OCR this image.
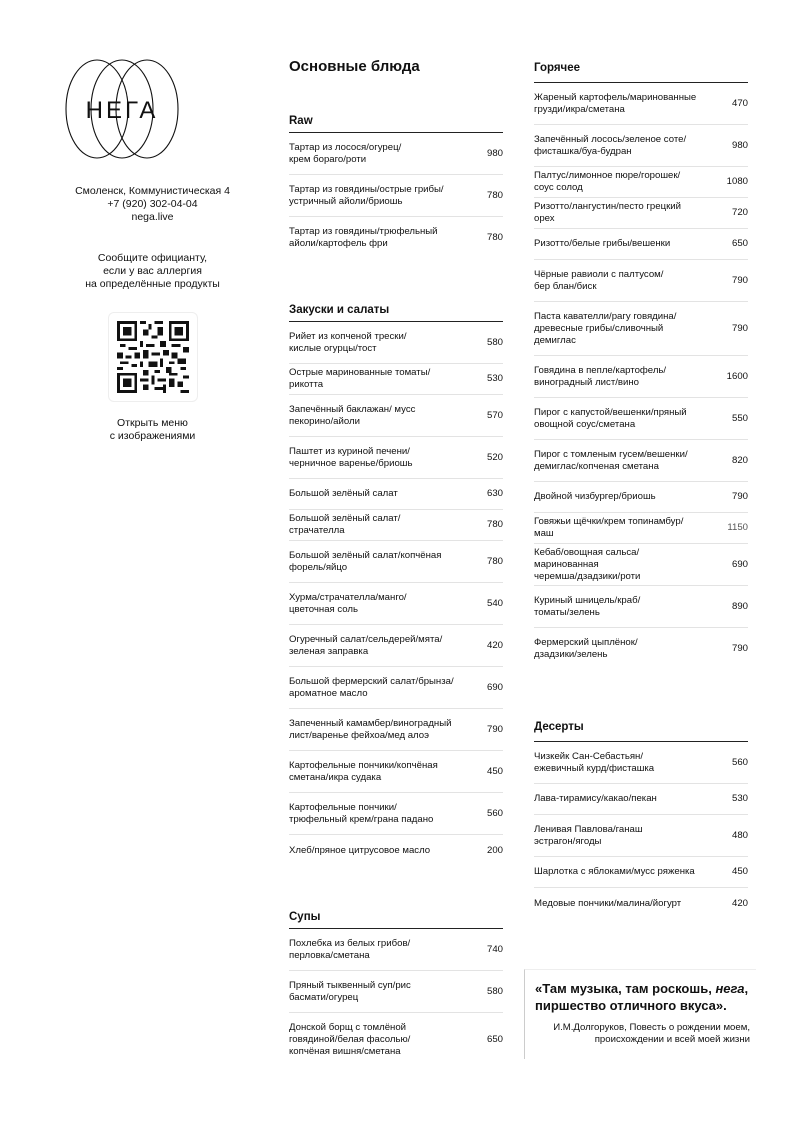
НЕГА
Смоленск, Коммунистическая 4
+7 (920) 302-04-04
nega.live
Сообщите официанту,
если у вас аллергия
на определённые продукты
Открыть меню
с изображениями
Основные блюда
Raw
Тартар из лосося/огурец/
крем бораго/роти
980
Тартар из говядины/острые грибы/
устричный айоли/бриошь
780
Тартар из говядины/трюфельный
айоли/картофель фри
780
Закуски и салаты
Рийет из копченой трески/
кислые огурцы/тост
580
Острые маринованные томаты/рикотта
530
Запечённый баклажан/ мусс
пекорино/айоли
570
Паштет из куриной печени/
черничное варенье/бриошь
520
Большой зелёный салат	630
Большой зелёный салат/страчателла
780
Большой зелёный салат/копчёная
форель/яйцо
780
Хурма/страчателла/манго/
цветочная соль
540
Огуречный салат/сельдерей/мята/
зеленая заправка
420
Большой фермерский салат/брынза/
ароматное масло
690
Запеченный камамбер/виноградный
лист/варенье фейхоа/мед алоэ
790
Картофельные пончики/копчёная
сметана/икра судака
450
Картофельные пончики/
трюфельный крем/грана падано
560
Хлеб/пряное цитрусовое масло	200
Супы
Похлебка из белых грибов/
перловка/сметана
740
Пряный тыквенный суп/рис
басмати/огурец
580
Донской борщ с томлёной
говядиной/белая фасолью/
копчёная вишня/сметана
650
Горячее
Жареный картофель/маринованные
грузди/икра/сметана
470
Запечённый лосось/зеленое соте/
фисташка/буа-будран
980
Палтус/лимонное пюре/горошек/
соус солод
1080
Ризотто/лангустин/песто грецкий орех
720
Ризотто/белые грибы/вешенки	650
Чёрные равиоли с палтусом/
бер блан/биск
790
Паста кавателли/рагу говядина/
древесные грибы/сливочный
демиглас
790
Говядина в пепле/картофель/
виноградный лист/вино
1600
Пирог с капустой/вешенки/пряный
овощной соус/сметана
550
Пирог с томленым гусем/вешенки/
демиглас/копченая сметана
820
Двойной чизбургер/бриошь	790
Говяжьи щёчки/крем топинамбур/маш
1150
Кебаб/овощная сальса/маринованная
черемша/дзадзики/роти
690
Куриный шницель/краб/
томаты/зелень
890
Фермерский цыплёнок/
дзадзики/зелень
790
Десерты
Чизкейк Сан-Себастьян/
ежевичный курд/фисташка
560
Лава-тирамису/какао/пекан	530
Ленивая Павлова/ганаш
эстрагон/ягоды
480
Шарлотка с яблоками/мусс ряженка	450
Медовые пончики/малина/йогурт	420
«Там музыка, там роскошь, нега,
пиршество отличного вкуса».
И.М.Долгоруков, Повесть о рождении моем,
происхождении и всей моей жизни
